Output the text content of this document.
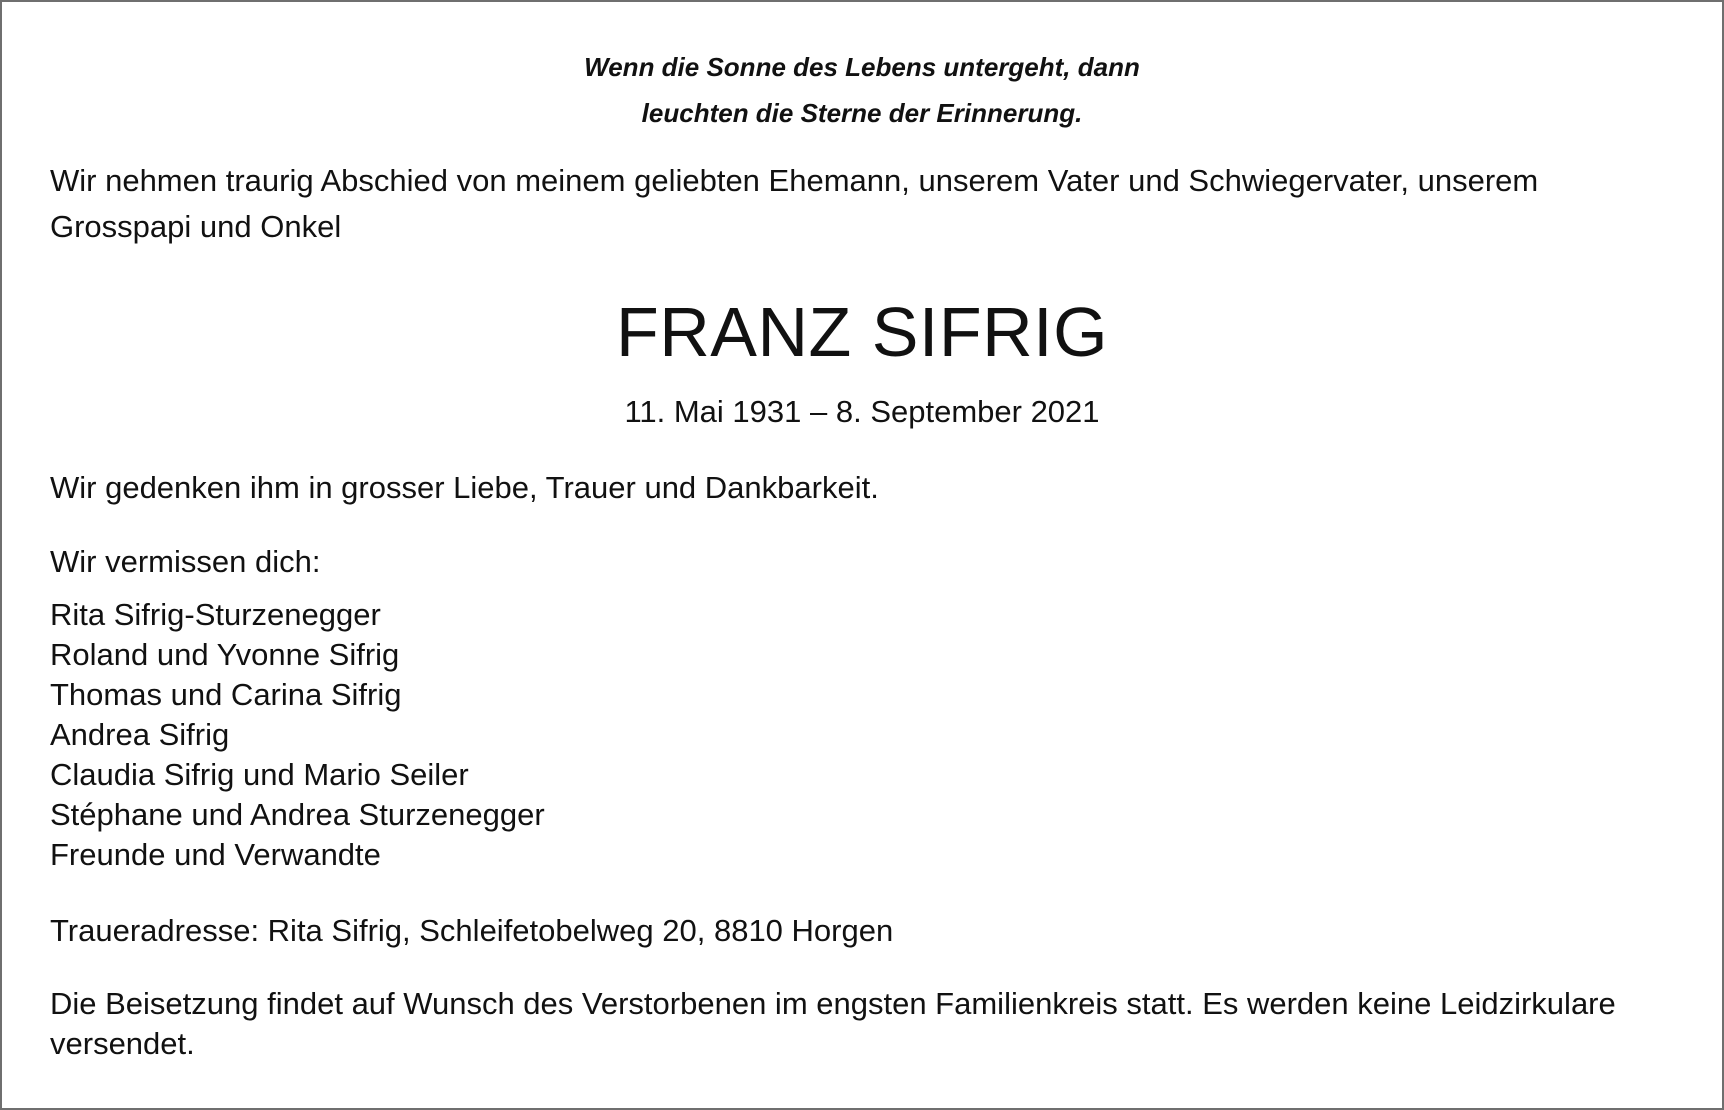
Wenn die Sonne des Lebens untergeht, dann
leuchten die Sterne der Erinnerung.

Wir nehmen traurig Abschied von meinem geliebten Ehemann, unserem Vater und Schwiegervater, unserem Grosspapi und Onkel

FRANZ SIFRIG

11. Mai 1931 – 8. September 2021

Wir gedenken ihm in grosser Liebe, Trauer und Dankbarkeit.

Wir vermissen dich:

Rita Sifrig-Sturzenegger
Roland und Yvonne Sifrig
Thomas und Carina Sifrig
Andrea Sifrig
Claudia Sifrig und Mario Seiler
Stéphane und Andrea Sturzenegger
Freunde und Verwandte

Traueradresse: Rita Sifrig, Schleifetobelweg 20, 8810 Horgen

Die Beisetzung findet auf Wunsch des Verstorbenen im engsten Familienkreis statt. Es werden keine Leidzirkulare versendet.
